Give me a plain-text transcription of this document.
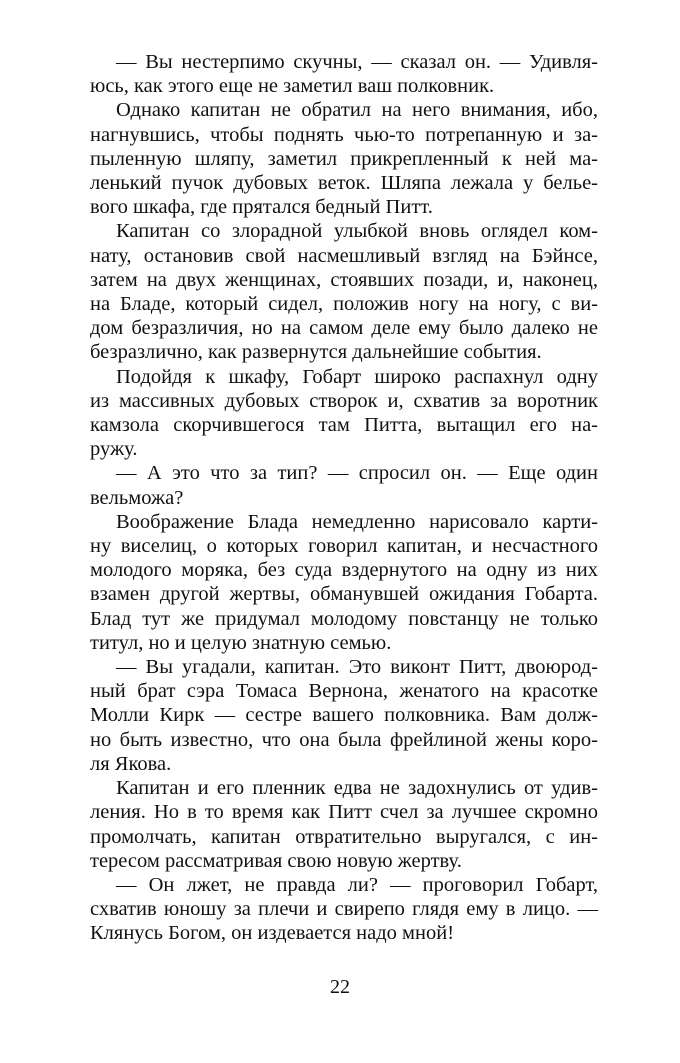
— Вы нестерпимо скучны, — сказал он. — Удивля-
юсь, как этого еще не заметил ваш полковник.
Однако капитан не обратил на него внимания, ибо,
нагнувшись, чтобы поднять чью-то потрепанную и за-
пыленную шляпу, заметил прикрепленный к ней ма-
ленький пучок дубовых веток. Шляпа лежала у бельe-
вого шкафа, где прятался бедный Питт.
Капитан со злорадной улыбкой вновь оглядел ком-
нату, остановив свой насмешливый взгляд на Бэйнсе,
затем на двух женщинах, стоявших позади, и, наконец,
на Бладе, который сидел, положив ногу на ногу, с ви-
дом безразличия, но на самом деле ему было далеко не
безразлично, как развернутся дальнейшие события.
Подойдя к шкафу, Гобарт широко распахнул одну
из массивных дубовых створок и, схватив за воротник
камзола скорчившегося там Питта, вытащил его на-
ружу.
— А это что за тип? — спросил он. — Еще один
вельможа?
Воображение Блада немедленно нарисовало карти-
ну виселиц, о которых говорил капитан, и несчастного
молодого моряка, без суда вздернутого на одну из них
взамен другой жертвы, обманувшей ожидания Гобарта.
Блад тут же придумал молодому повстанцу не только
титул, но и целую знатную семью.
— Вы угадали, капитан. Это виконт Питт, двоюрод-
ный брат сэра Томаса Вернона, женатого на красотке
Молли Кирк — сестре вашего полковника. Вам долж-
но быть известно, что она была фрейлиной жены коро-
ля Якова.
Капитан и его пленник едва не задохнулись от удив-
ления. Но в то время как Питт счел за лучшее скромно
промолчать, капитан отвратительно выругался, с ин-
тересом рассматривая свою новую жертву.
— Он лжет, не правда ли? — проговорил Гобарт,
схватив юношу за плечи и свирепо глядя ему в лицо. —
Клянусь Богом, он издевается надо мной!
22
